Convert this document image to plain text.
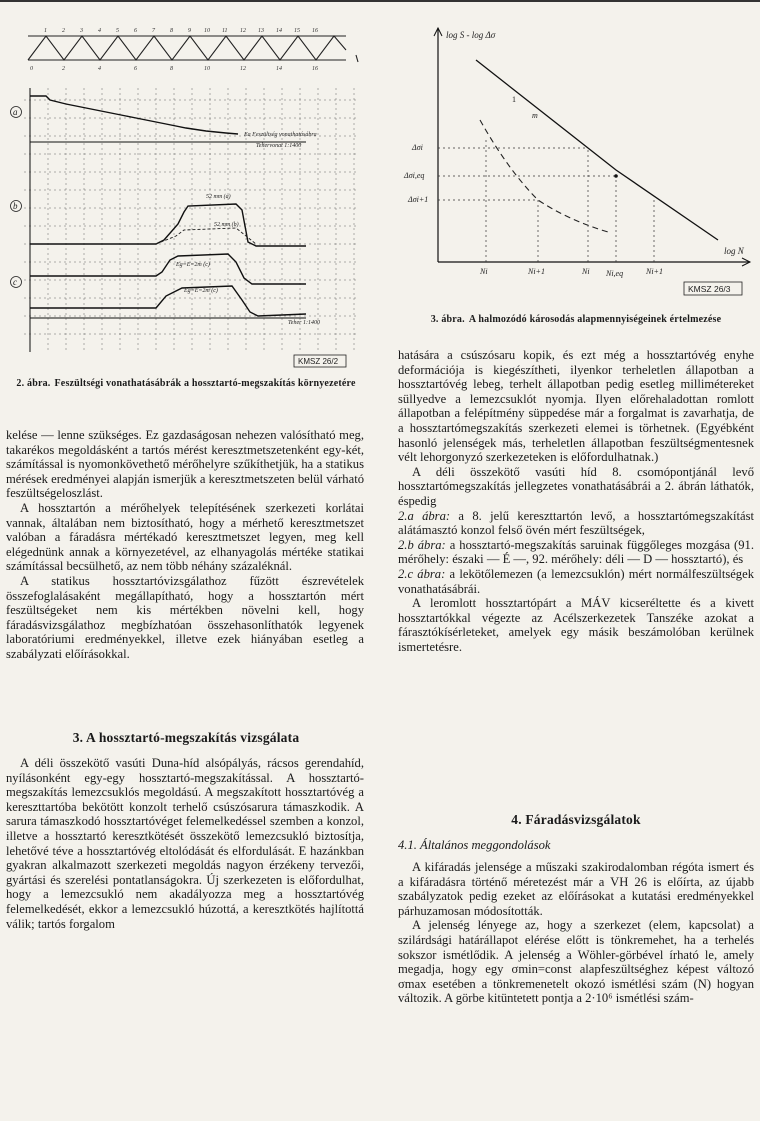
1	2	3	4	5	6	7	8	9 10 11 12 13 14 15 16
0	2	4	6	8	10	12	14	16
a
b
c
Ea Feszültség vonathatásábra
Tehervonat 1:1400
52 mm (a)
52 mm (b)
Eg=E=2m (c)
Eg=E=2m (c)
Teher 1:1400
KMSZ 26/2
2. ábra. Feszültségi vonathatásábrák a hossztartó-megszakítás környezetére

kelése — lenne szükséges. Ez gazdaságosan nehezen valósítható meg, takarékos megoldásként a tartós mérést keresztmetszetenként egy-két, számítással is nyomonkövethető mérőhelyre szűkíthetjük, ha a statikus mérések eredményei alapján ismerjük a keresztmetszeten belül várható feszültségeloszlást.

A hossztartón a mérőhelyek telepítésének szerkezeti korlátai vannak, általában nem biztosítható, hogy a mérhető keresztmetszet valóban a fáradásra mértékadó keresztmetszet legyen, meg kell elégednünk annak a környezetével, az elhanyagolás mértéke statikai számítással becsülhető, az nem több néhány százaléknál.

A statikus hossztartóvizsgálathoz fűzött észrevételek összefoglalásaként megállapítható, hogy a hossztartón mért feszültségeket nem kis mértékben növelni kell, hogy fáradásvizsgálathoz megbízhatóan összehasonlíthatók legyenek laboratóriumi eredményekkel, illetve ezek hiányában esetleg a szabályzati előírásokkal.

3. A hossztartó-megszakítás vizsgálata

A déli összekötő vasúti Duna-híd alsópályás, rácsos gerendahíd, nyílásonként egy-egy hossztartó-megszakítással. A hossztartó-megszakítás lemezcsuklós megoldású. A megszakított hossztartóvég a kereszttartóba bekötött konzolt terhelő csúszósarura támaszkodik. A sarura támaszkodó hossztartóvéget felemelkedéssel szemben a konzol, illetve a hossztartó keresztkötését összekötő lemezcsukló biztosítja, lehetővé téve a hossztartóvég eltolódását és elfordulását. E hazánkban gyakran alkalmazott szerkezeti megoldás nagyon érzékeny tervezői, gyártási és szerelési pontatlanságokra. Új szerkezeten is előfordulhat, hogy a lemezcsukló nem akadályozza meg a hossztartóvég felemelkedését, ekkor a lemezcsukló húzottá, a keresztkötés hajlítottá válik; tartós forgalom

log S - log Δσ
log N
1
m
Δσi
Δσi,eq
Δσi+1
Ni	Ni+1	Ni Ni,eq	Ni+1
KMSZ 26/3
3. ábra. A halmozódó károsodás alapmennyiségeinek értelmezése

hatására a csúszósaru kopik, és ezt még a hossztartóvég enyhe deformációja is kiegészítheti, ilyenkor terheletlen állapotban a hossztartóvég lebeg, terhelt állapotban pedig esetleg millimétereket süllyedve a lemezcsuklót nyomja. Ilyen előrehaladottan romlott állapotban a felépítmény süppedése már a forgalmat is zavarhatja, de a hossztartómegszakítás szerkezeti elemei is törhetnek. (Egyébként hasonló jelenségek más, terheletlen állapotban feszültségmentesnek vélt lehorgonyzó szerkezeteken is előfordulhatnak.)

A déli összekötő vasúti híd 8. csomópontjánál levő hossztartómegszakítás jellegzetes vonathatásábrái a 2. ábrán láthatók, éspedig

2.a ábra: a 8. jelű kereszttartón levő, a hossztartómegszakítást alátámasztó konzol felső övén mért feszültségek,

2.b ábra: a hossztartó-megszakítás saruinak függőleges mozgása (91. mérőhely: északi — É —, 92. mérőhely: déli — D — hossztartó), és

2.c ábra: a lekötőlemezen (a lemezcsuklón) mért normálfeszültségek vonathatásábrái.

A leromlott hossztartópárt a MÁV kicseréltette és a kivett hossztartókkal végezte az Acélszerkezetek Tanszéke azokat a fárasztókísérleteket, amelyek egy másik beszámolóban kerülnek ismertetésre.

4. Fáradásvizsgálatok
4.1. Általános meggondolások

A kifáradás jelensége a műszaki szakirodalomban régóta ismert és a kifáradásra történő méretezést már a VH 26 is előírta, az újabb szabályzatok pedig ezeket az előírásokat a kutatási eredményekkel párhuzamosan módosították.

A jelenség lényege az, hogy a szerkezet (elem, kapcsolat) a szilárdsági határállapot elérése előtt is tönkremehet, ha a terhelés sokszor ismétlődik. A jelenség a Wöhler-görbével írható le, amely megadja, hogy egy σmin=const alapfeszültséghez képest változó σmax esetében a tönkremenetelt okozó ismétlési szám (N) hogyan változik. A görbe kitüntetett pontja a 2·10⁶ ismétlési szám-
